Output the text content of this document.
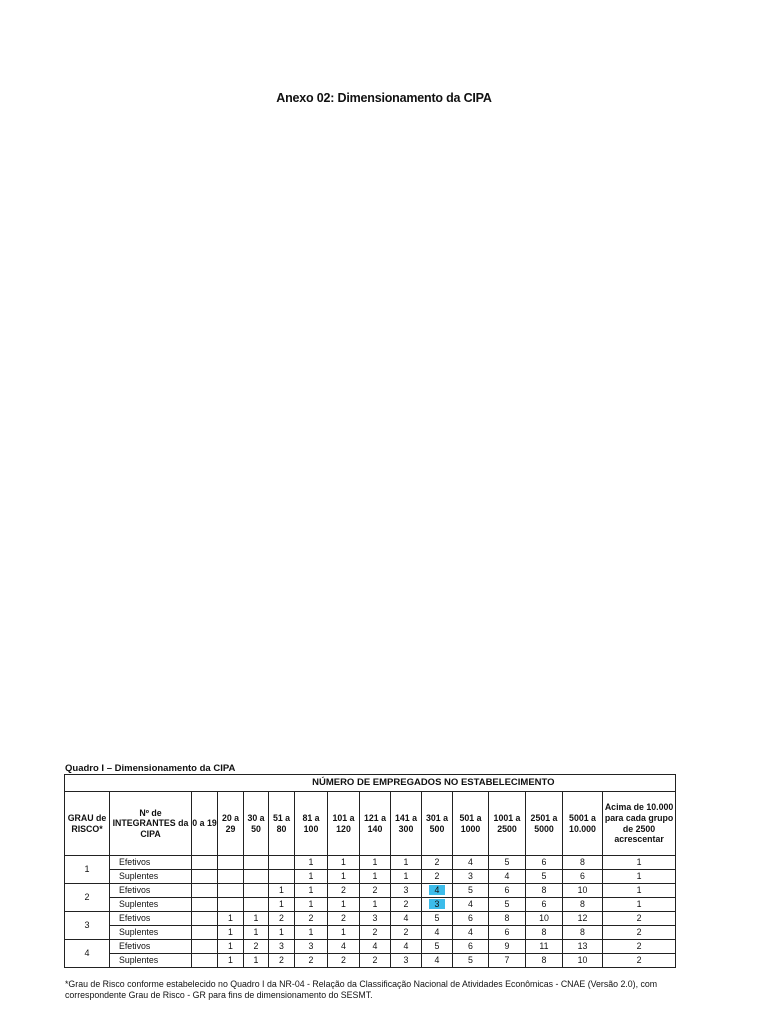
Anexo 02: Dimensionamento da CIPA
Quadro I – Dimensionamento da CIPA
		NÚMERO DE EMPREGADOS NO ESTABELECIMENTO													
GRAU de RISCO*	Nº de INTEGRANTES da CIPA	0 a 19	20 a 29	30 a 50	51 a 80	81 a 100	101 a 120	121 a 140	141 a 300	301 a 500	501 a 1000	1001 a 2500	2501 a 5000	5001 a 10.000	Acima de 10.000 para cada grupo de 2500 acrescentar
1	Efetivos					1	1	1	1	2	4	5	6	8	1
	Suplentes					1	1	1	1	2	3	4	5	6	1
2	Efetivos				1	1	2	2	3	4	5	6	8	10	1
	Suplentes				1	1	1	1	2	3	4	5	6	8	1
3	Efetivos		1	1	2	2	2	3	4	5	6	8	10	12	2
	Suplentes		1	1	1	1	1	2	2	4	4	6	8	8	2
4	Efetivos		1	2	3	3	4	4	4	5	6	9	11	13	2
	Suplentes		1	1	2	2	2	2	3	4	5	7	8	10	2
*Grau de Risco conforme estabelecido no Quadro I da NR-04 - Relação da Classificação Nacional de Atividades Econômicas - CNAE (Versão 2.0), com correspondente Grau de Risco - GR para fins de dimensionamento do SESMT.
